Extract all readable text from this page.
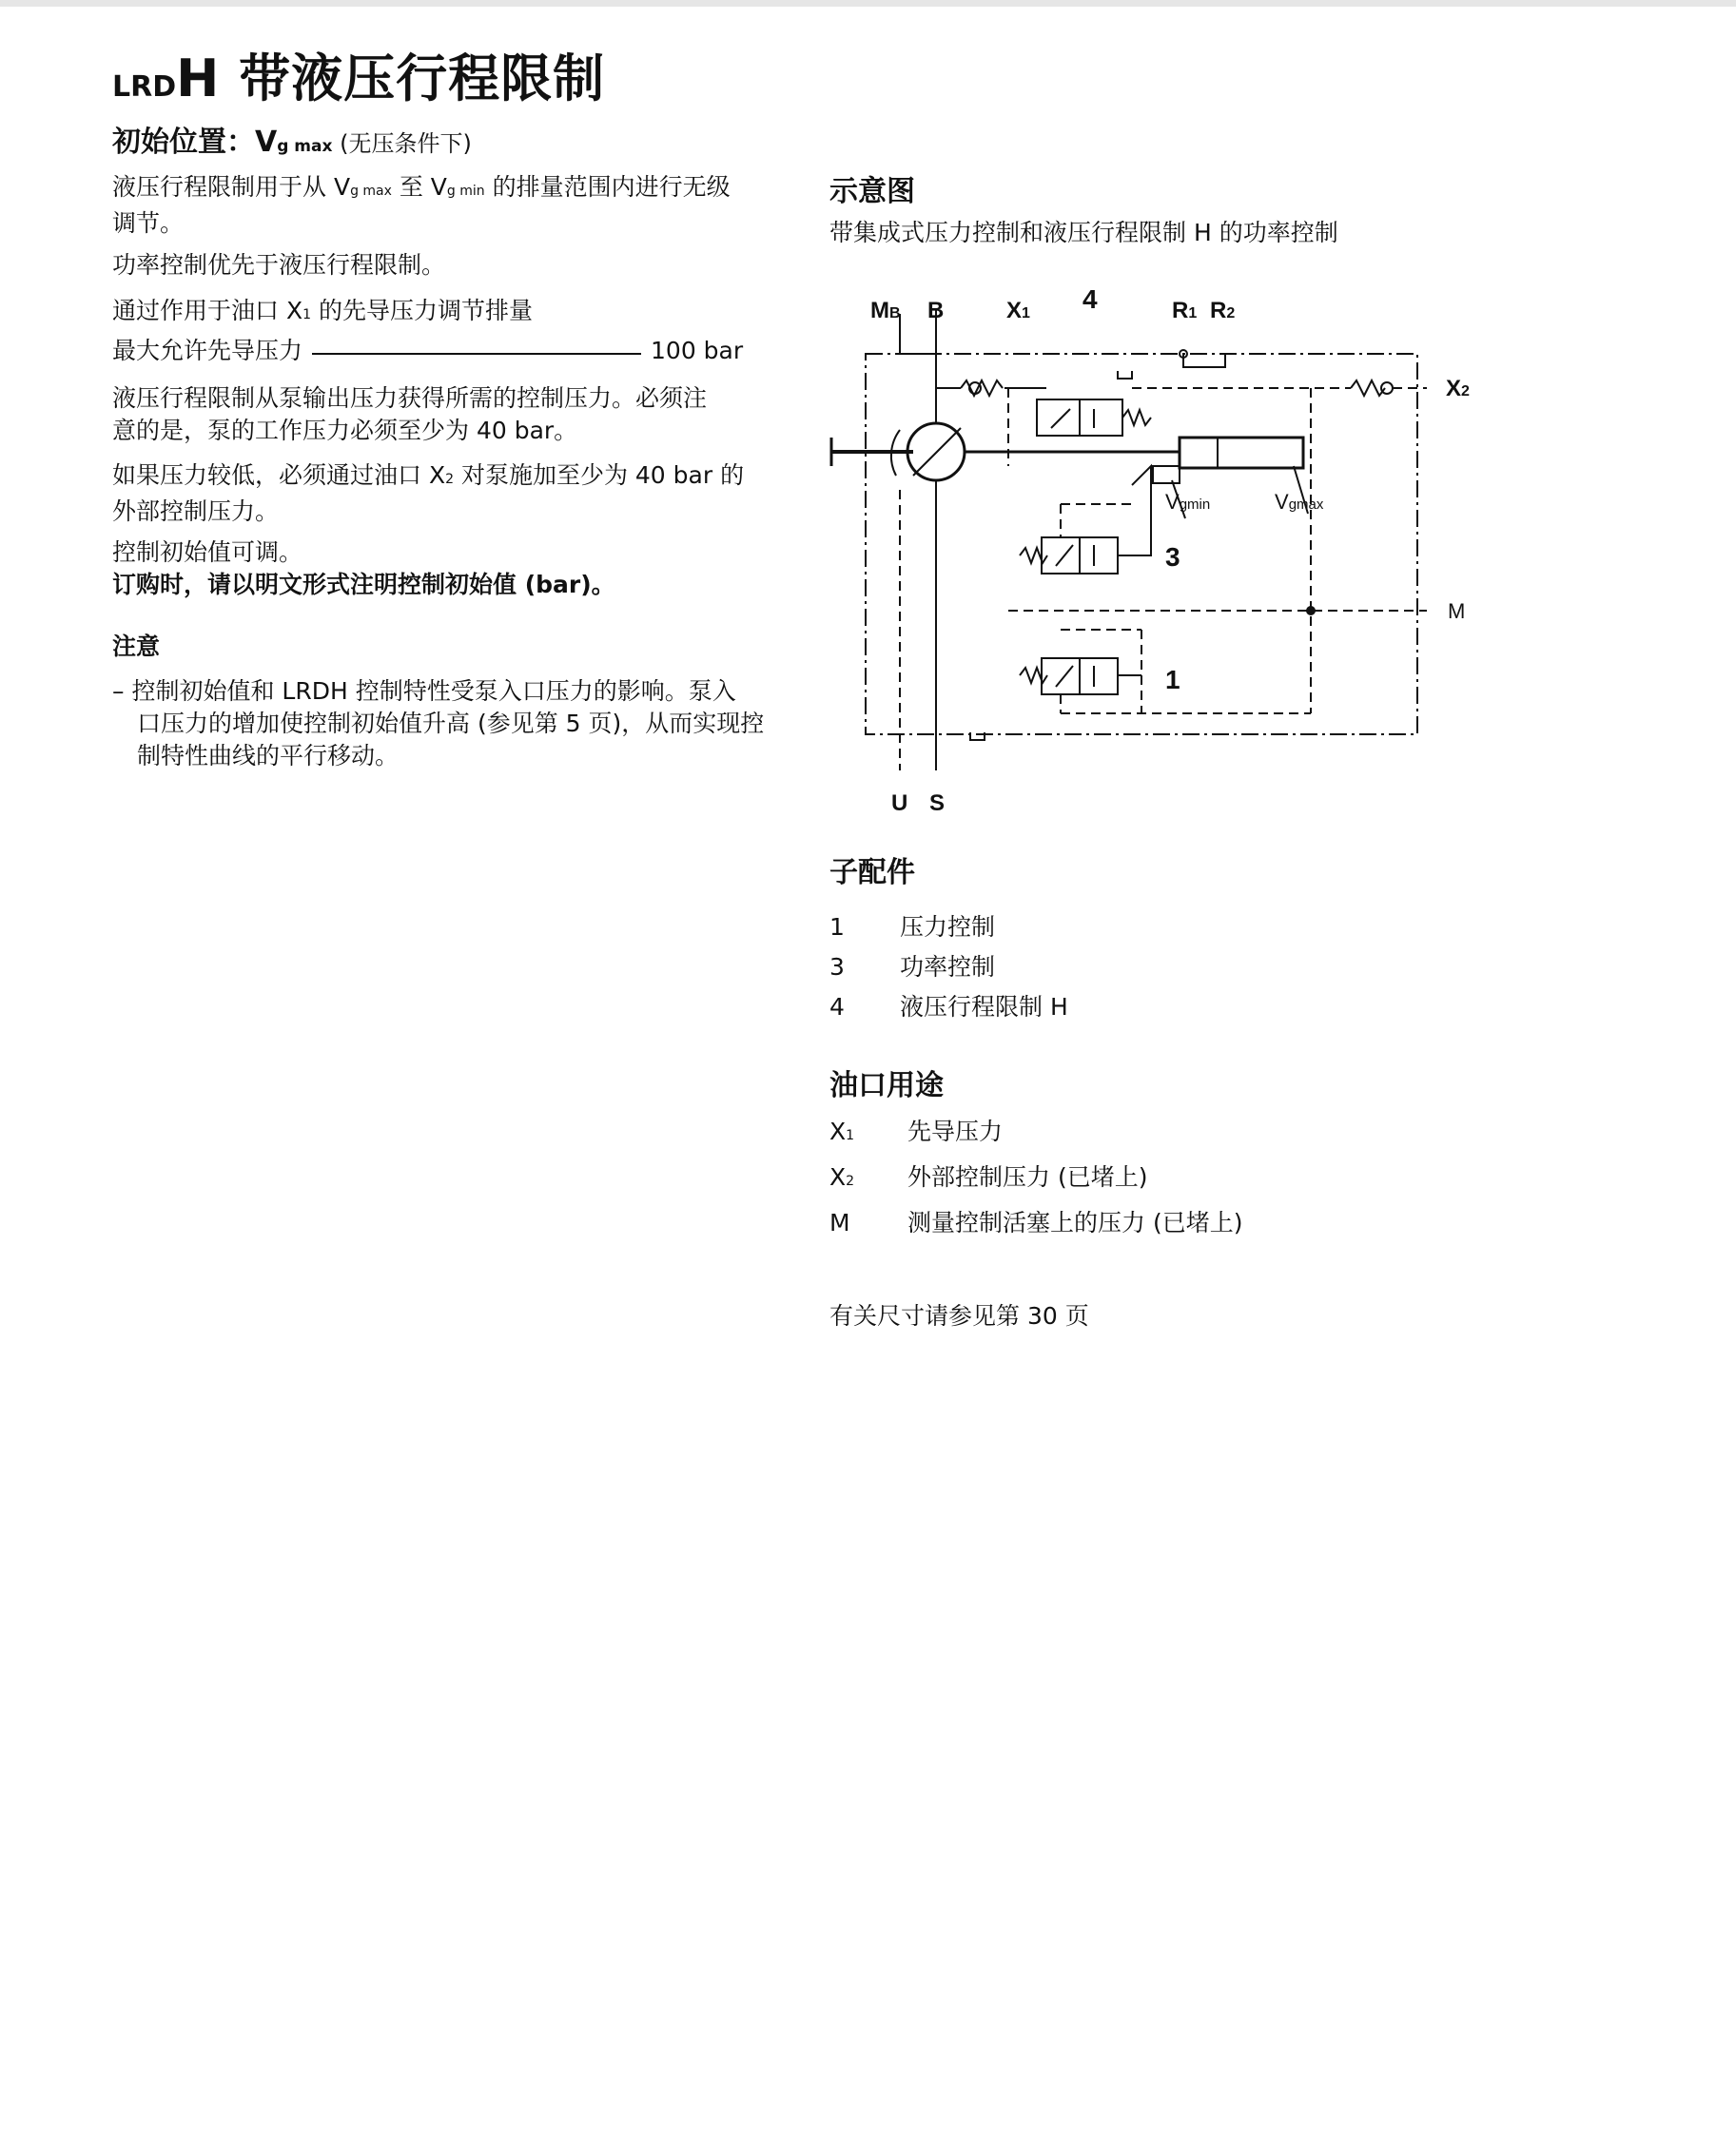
LRDH 带液压行程限制
初始位置：Vg max (无压条件下)
液压行程限制用于从 Vg max 至 Vg min 的排量范围内进行无级
调节。
功率控制优先于液压行程限制。
通过作用于油口 X1 的先导压力调节排量
最大允许先导压力	100 bar
液压行程限制从泵输出压力获得所需的控制压力。必须注
意的是，泵的工作压力必须至少为 40 bar。
如果压力较低，必须通过油口 X2 对泵施加至少为 40 bar 的
外部控制压力。
控制初始值可调。
订购时，请以明文形式注明控制初始值 (bar)。
注意
– 控制初始值和 LRDH 控制特性受泵入口压力的影响。泵入
口压力的增加使控制初始值升高 (参见第 5 页)，从而实现控
制特性曲线的平行移动。
示意图
带集成式压力控制和液压行程限制 H 的功率控制
MB B	X1 4	R1 R2
X2
Vgmin	Vgmax
3
M
1
U S
子配件
1 压力控制
3 功率控制
4 液压行程限制 H
油口用途
X1 先导压力
X2 外部控制压力 (已堵上)
M 测量控制活塞上的压力 (已堵上)
有关尺寸请参见第 30 页
